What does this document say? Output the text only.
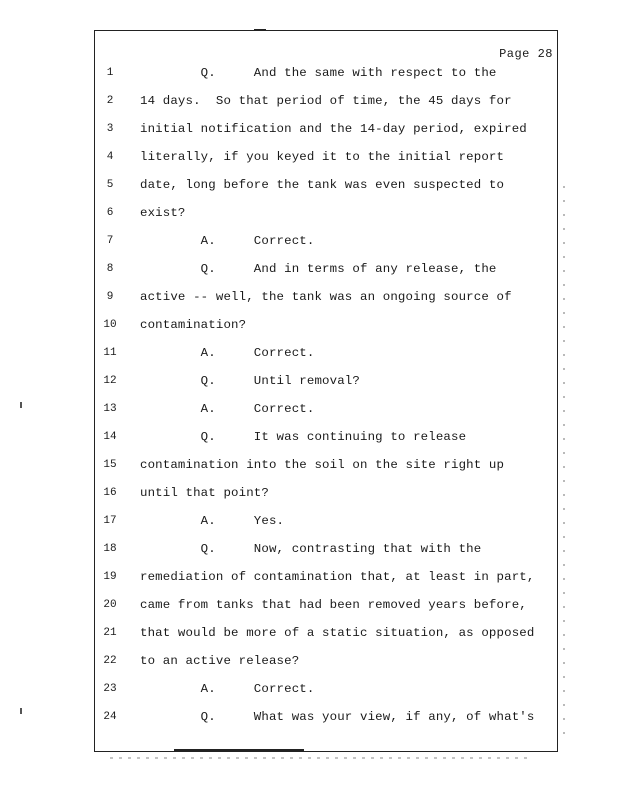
Page 28
1	Q.     And the same with respect to the
2	14 days.  So that period of time, the 45 days for
3	initial notification and the 14-day period, expired
4	literally, if you keyed it to the initial report
5	date, long before the tank was even suspected to
6	exist?
7	A.     Correct.
8	Q.     And in terms of any release, the
9	active -- well, the tank was an ongoing source of
10 contamination?
11 A.     Correct.
12 Q.     Until removal?
13 A.     Correct.
14 Q.     It was continuing to release
15 contamination into the soil on the site right up
16 until that point?
17 A.     Yes.
18 Q.     Now, contrasting that with the
19 remediation of contamination that, at least in part,
20 came from tanks that had been removed years before,
21 that would be more of a static situation, as opposed
22 to an active release?
23 A.     Correct.
24 Q.     What was your view, if any, of what's
